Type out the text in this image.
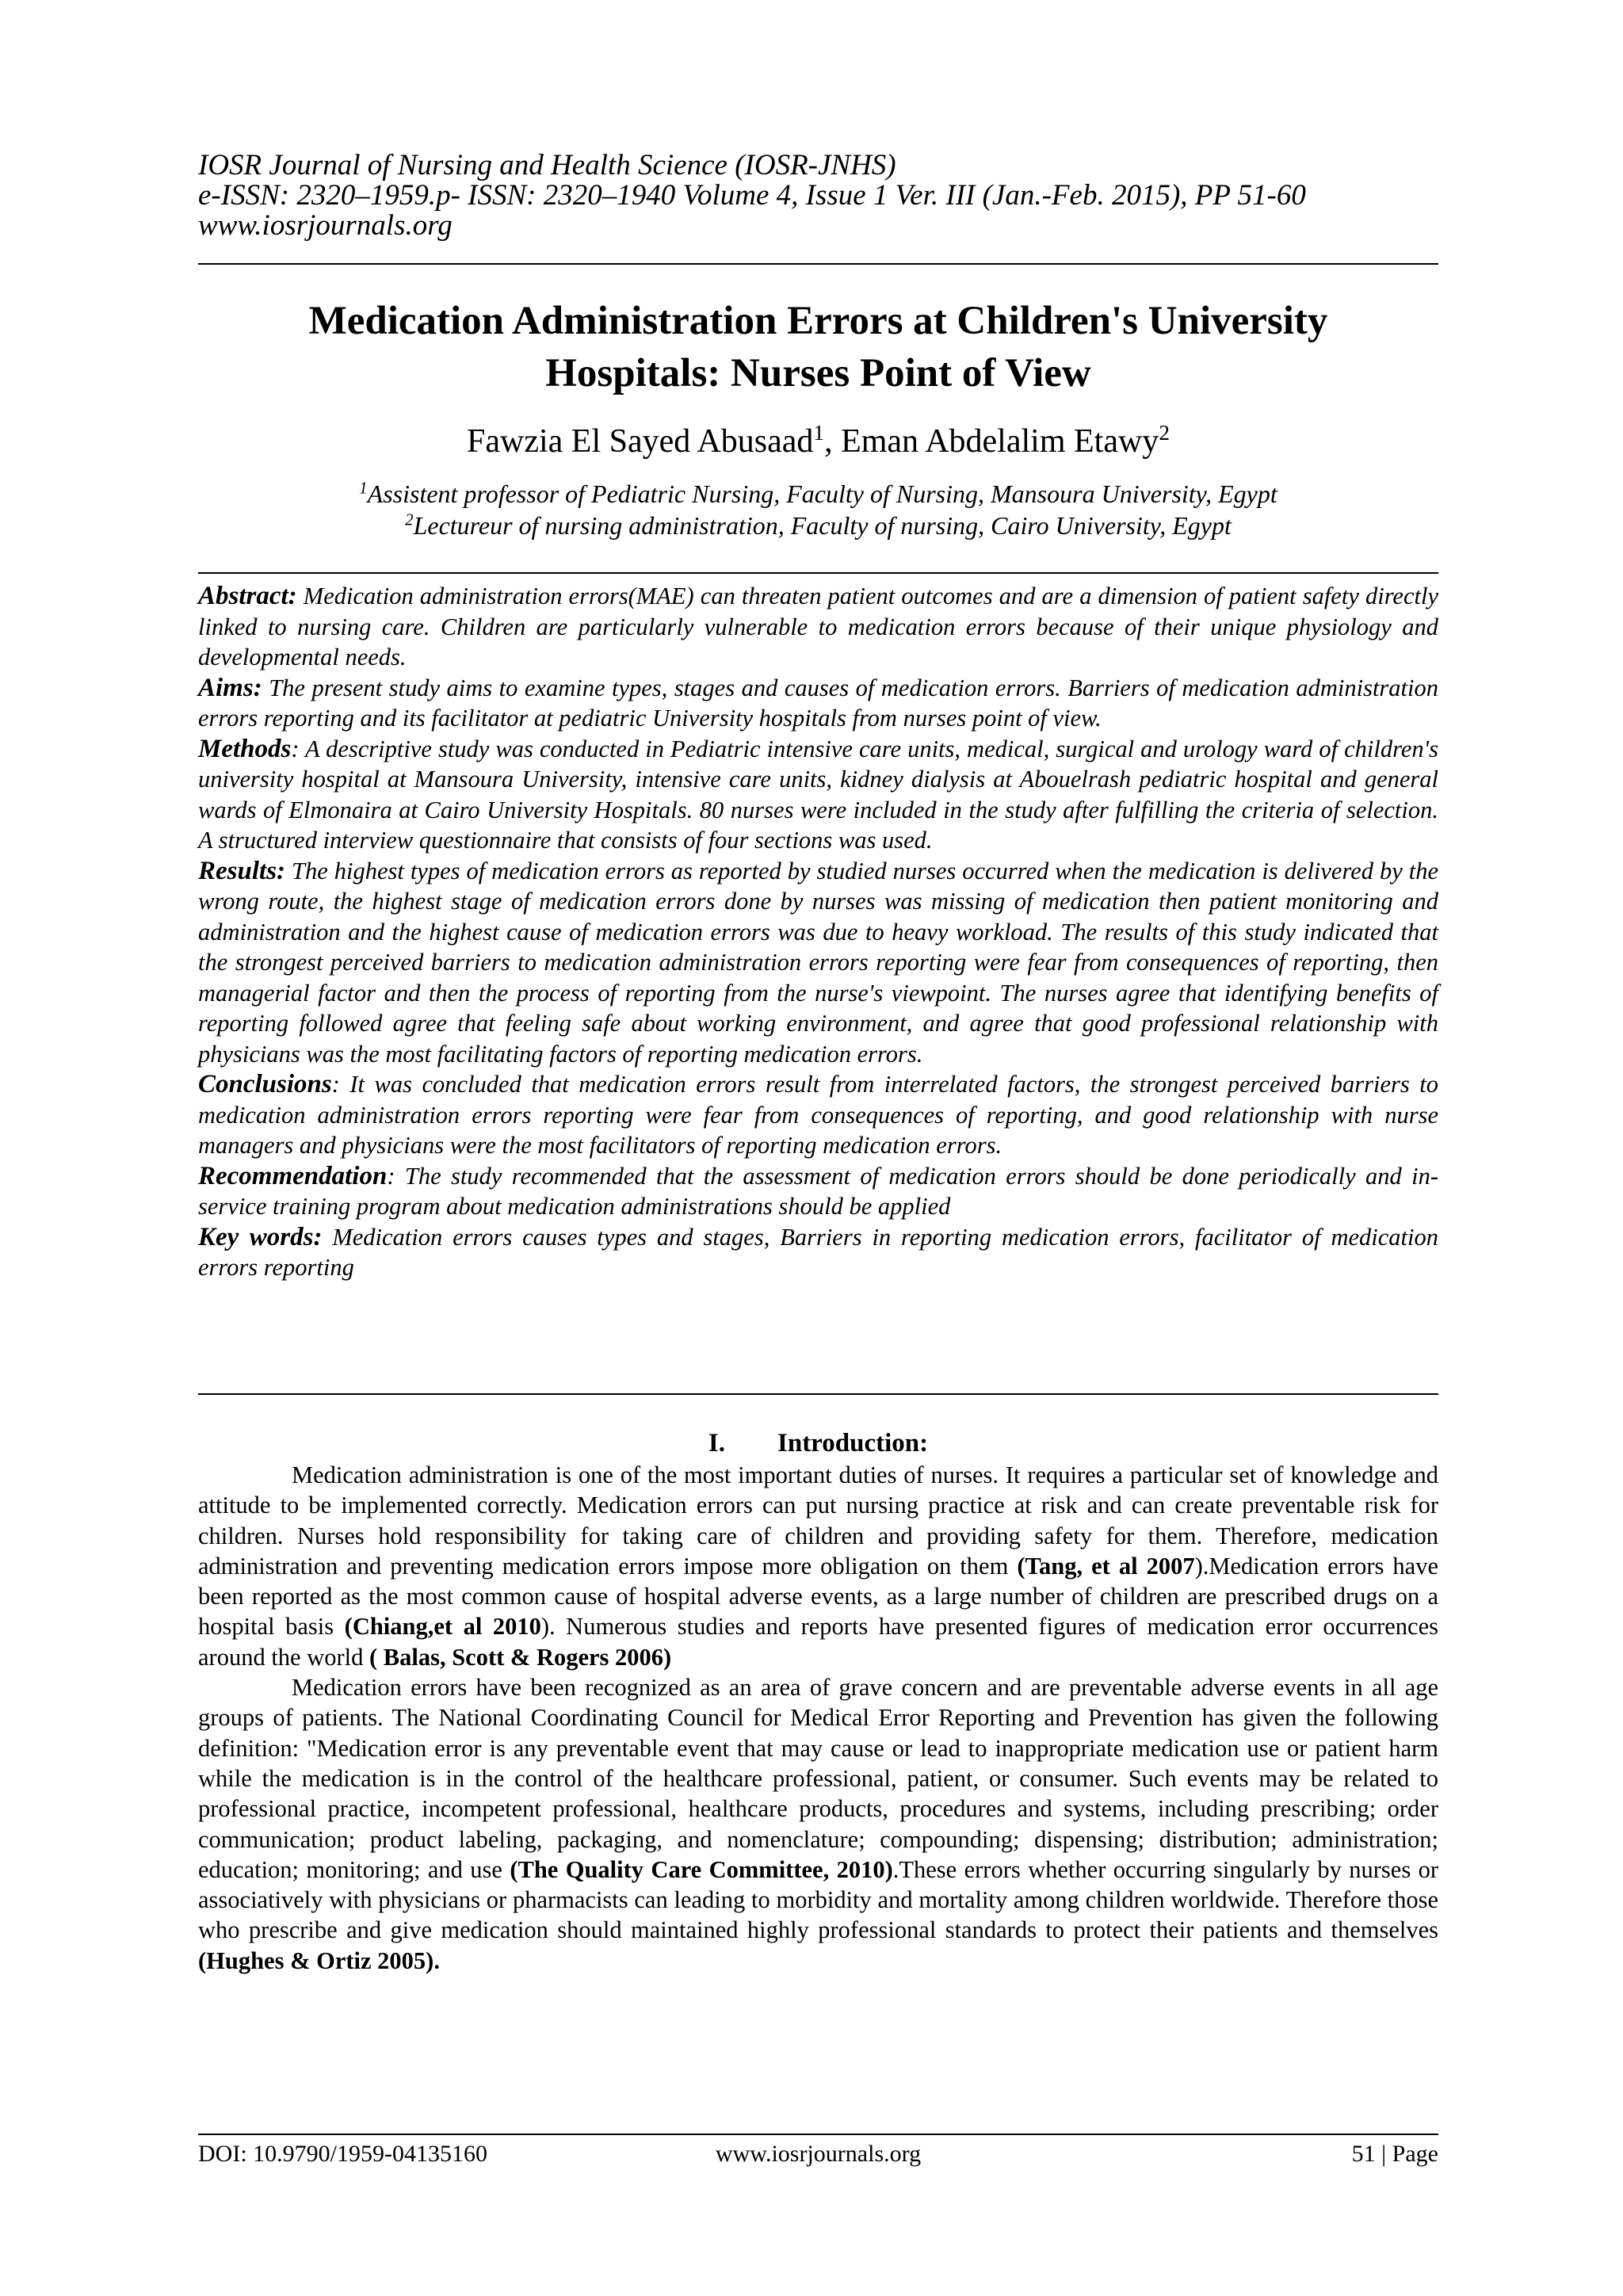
IOSR Journal of Nursing and Health Science (IOSR-JNHS)
e-ISSN: 2320–1959.p- ISSN: 2320–1940 Volume 4, Issue 1 Ver. III (Jan.-Feb. 2015), PP 51-60
www.iosrjournals.org
Medication Administration Errors at Children's University
Hospitals: Nurses Point of View
Fawzia El Sayed Abusaad$^1$, Eman Abdelalim Etawy$^2$
$^1$Assistent professor of Pediatric Nursing, Faculty of Nursing, Mansoura University, Egypt
$^2$Lectureur of nursing administration, Faculty of nursing, Cairo University, Egypt

Abstract: Medication administration errors(MAE) can threaten patient outcomes and are a dimension of patient safety directly linked to nursing care. Children are particularly vulnerable to medication errors because of their unique physiology and developmental needs.

Aims: The present study aims to examine types, stages and causes of medication errors. Barriers of medication administration errors reporting and its facilitator at pediatric University hospitals from nurses point of view.

Methods: A descriptive study was conducted in Pediatric intensive care units, medical, surgical and urology ward of children's university hospital at Mansoura University, intensive care units, kidney dialysis at Abouelrash pediatric hospital and general wards of Elmonaira at Cairo University Hospitals. 80 nurses were included in the study after fulfilling the criteria of selection. A structured interview questionnaire that consists of four sections was used.

Results: The highest types of medication errors as reported by studied nurses occurred when the medication is delivered by the wrong route, the highest stage of medication errors done by nurses was missing of medication then patient monitoring and administration and the highest cause of medication errors was due to heavy workload. The results of this study indicated that the strongest perceived barriers to medication administration errors reporting were fear from consequences of reporting, then managerial factor and then the process of reporting from the nurse's viewpoint. The nurses agree that identifying benefits of reporting followed agree that feeling safe about working environment, and agree that good professional relationship with physicians was the most facilitating factors of reporting medication errors.

Conclusions: It was concluded that medication errors result from interrelated factors, the strongest perceived barriers to medication administration errors reporting were fear from consequences of reporting, and good relationship with nurse managers and physicians were the most facilitators of reporting medication errors.

Recommendation: The study recommended that the assessment of medication errors should be done periodically and in- service training program about medication administrations should be applied

Key words: Medication errors causes types and stages, Barriers in reporting medication errors, facilitator of medication errors reporting

I. Introduction:

Medication administration is one of the most important duties of nurses. It requires a particular set of knowledge and attitude to be implemented correctly. Medication errors can put nursing practice at risk and can create preventable risk for children. Nurses hold responsibility for taking care of children and providing safety for them. Therefore, medication administration and preventing medication errors impose more obligation on them (Tang, et al 2007).Medication errors have been reported as the most common cause of hospital adverse events, as a large number of children are prescribed drugs on a hospital basis (Chiang,et al 2010). Numerous studies and reports have presented figures of medication error occurrences around the world ( Balas, Scott & Rogers 2006)

Medication errors have been recognized as an area of grave concern and are preventable adverse events in all age groups of patients. The National Coordinating Council for Medical Error Reporting and Prevention has given the following definition: "Medication error is any preventable event that may cause or lead to inappropriate medication use or patient harm while the medication is in the control of the healthcare professional, patient, or consumer. Such events may be related to professional practice, incompetent professional, healthcare products, procedures and systems, including prescribing; order communication; product labeling, packaging, and nomenclature; compounding; dispensing; distribution; administration; education; monitoring; and use (The Quality Care Committee, 2010).These errors whether occurring singularly by nurses or associatively with physicians or pharmacists can leading to morbidity and mortality among children worldwide. Therefore those who prescribe and give medication should maintained highly professional standards to protect their patients and themselves (Hughes & Ortiz 2005).

DOI: 10.9790/1959-04135160	www.iosrjournals.org	51 | Page
